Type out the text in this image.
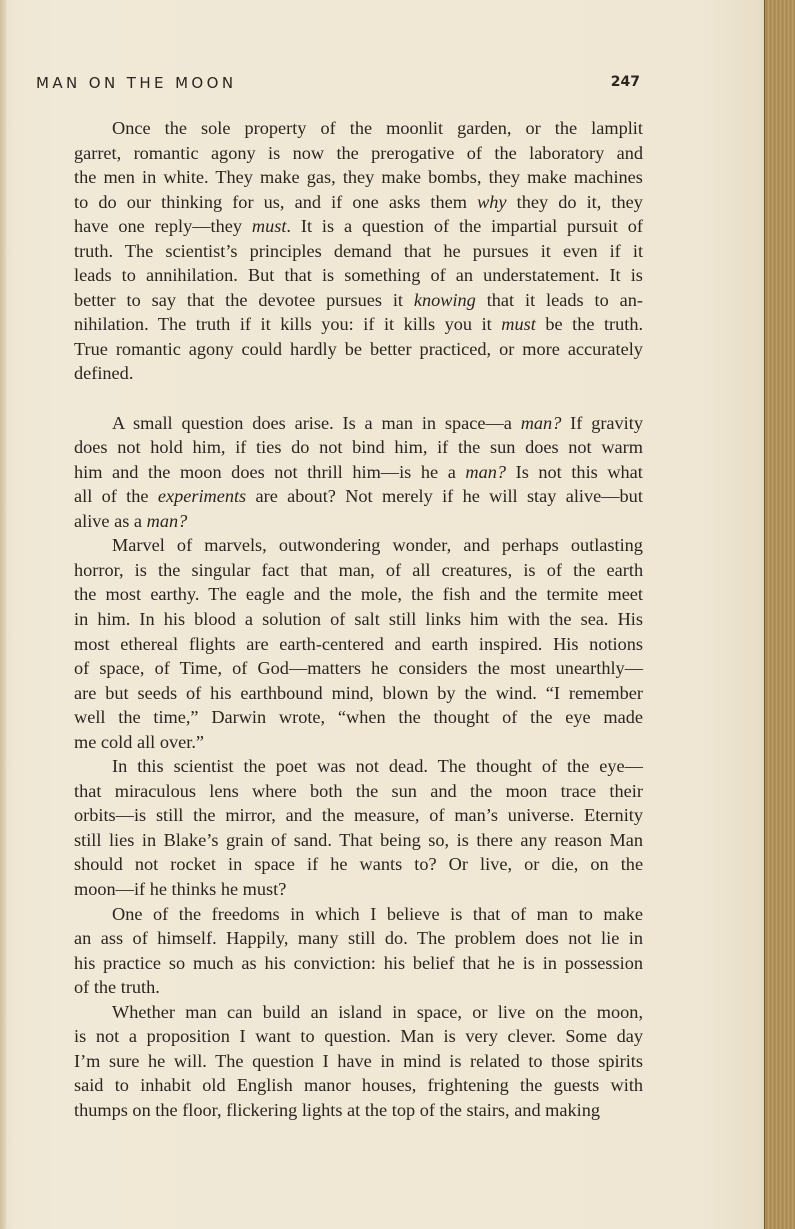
MAN ON THE MOON	247

Once the sole property of the moonlit garden, or the lamplit
garret, romantic agony is now the prerogative of the laboratory and
the men in white. They make gas, they make bombs, they make machines
to do our thinking for us, and if one asks them why they do it, they
have one reply—they must. It is a question of the impartial pursuit of
truth. The scientist’s principles demand that he pursues it even if it
leads to annihilation. But that is something of an understatement. It is
better to say that the devotee pursues it knowing that it leads to an-
nihilation. The truth if it kills you: if it kills you it must be the truth.
True romantic agony could hardly be better practiced, or more accurately
defined.

A small question does arise. Is a man in space—a man? If gravity
does not hold him, if ties do not bind him, if the sun does not warm
him and the moon does not thrill him—is he a man? Is not this what
all of the experiments are about? Not merely if he will stay alive—but
alive as a man?

Marvel of marvels, outwondering wonder, and perhaps outlasting
horror, is the singular fact that man, of all creatures, is of the earth
the most earthy. The eagle and the mole, the fish and the termite meet
in him. In his blood a solution of salt still links him with the sea. His
most ethereal flights are earth-centered and earth inspired. His notions
of space, of Time, of God—matters he considers the most unearthly—
are but seeds of his earthbound mind, blown by the wind. “I remember
well the time,” Darwin wrote, “when the thought of the eye made
me cold all over.”

In this scientist the poet was not dead. The thought of the eye—
that miraculous lens where both the sun and the moon trace their
orbits—is still the mirror, and the measure, of man’s universe. Eternity
still lies in Blake’s grain of sand. That being so, is there any reason Man
should not rocket in space if he wants to? Or live, or die, on the
moon—if he thinks he must?

One of the freedoms in which I believe is that of man to make
an ass of himself. Happily, many still do. The problem does not lie in
his practice so much as his conviction: his belief that he is in possession
of the truth.

Whether man can build an island in space, or live on the moon,
is not a proposition I want to question. Man is very clever. Some day
I’m sure he will. The question I have in mind is related to those spirits
said to inhabit old English manor houses, frightening the guests with
thumps on the floor, flickering lights at the top of the stairs, and making
